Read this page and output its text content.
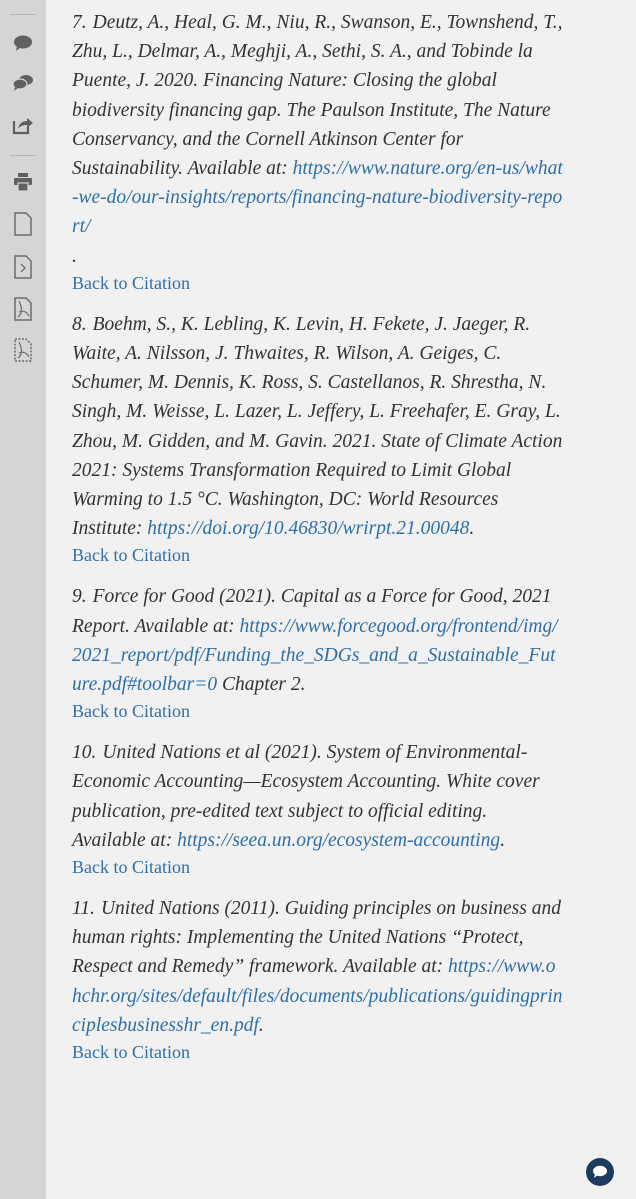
7. Deutz, A., Heal, G. M., Niu, R., Swanson, E., Townshend, T., Zhu, L., Delmar, A., Meghji, A., Sethi, S. A., and Tobinde la Puente, J. 2020. Financing Nature: Closing the global biodiversity financing gap. The Paulson Institute, The Nature Conservancy, and the Cornell Atkinson Center for Sustainability. Available at: https://www.nature.org/en-us/what-we-do/our-insights/reports/financing-nature-biodiversity-report/
.

Back to Citation

8. Boehm, S., K. Lebling, K. Levin, H. Fekete, J. Jaeger, R. Waite, A. Nilsson, J. Thwaites, R. Wilson, A. Geiges, C. Schumer, M. Dennis, K. Ross, S. Castellanos, R. Shrestha, N. Singh, M. Weisse, L. Lazer, L. Jeffery, L. Freehafer, E. Gray, L. Zhou, M. Gidden, and M. Gavin. 2021. State of Climate Action 2021: Systems Transformation Required to Limit Global Warming to 1.5 °C. Washington, DC: World Resources Institute: https://doi.org/10.46830/wrirpt.21.00048.

Back to Citation

9. Force for Good (2021). Capital as a Force for Good, 2021 Report. Available at: https://www.forcegood.org/frontend/img/2021_report/pdf/Funding_the_SDGs_and_a_Sustainable_Future.pdf#toolbar=0 Chapter 2.

Back to Citation

10. United Nations et al (2021). System of Environmental-Economic Accounting—Ecosystem Accounting. White cover publication, pre-edited text subject to official editing. Available at: https://seea.un.org/ecosystem-accounting.

Back to Citation

11. United Nations (2011). Guiding principles on business and human rights: Implementing the United Nations “Protect, Respect and Remedy” framework. Available at: https://www.ohchr.org/sites/default/files/documents/publications/guidingprinciplesbusinesshr_en.pdf.

Back to Citation
